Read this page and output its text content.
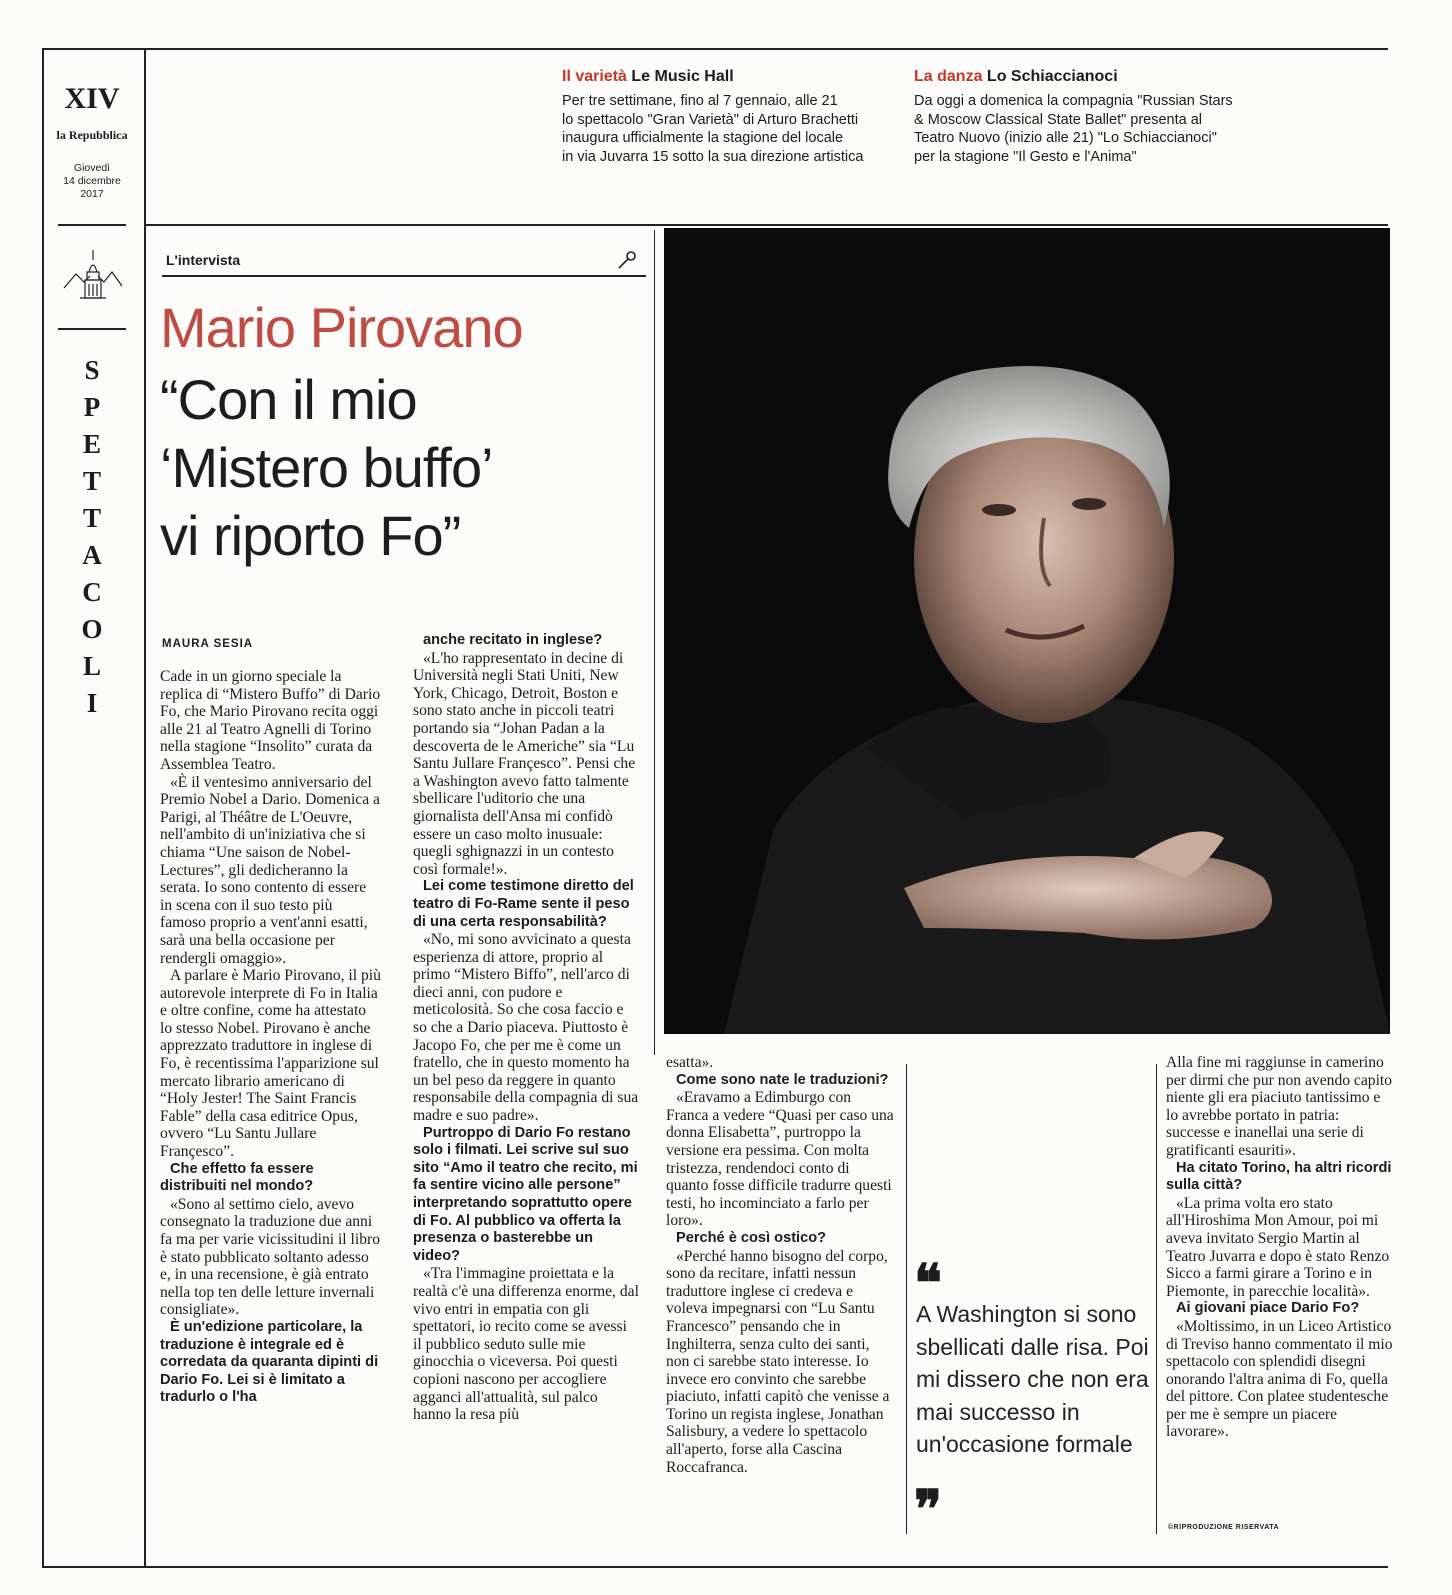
XIV
la Repubblica
Giovedì
14 dicembre
2017
S
P
E
T
T
A
C
O
L
I
Il varietà Le Music Hall
Per tre settimane, fino al 7 gennaio, alle 21
lo spettacolo "Gran Varietà" di Arturo Brachetti
inaugura ufficialmente la stagione del locale
in via Juvarra 15 sotto la sua direzione artistica
La danza Lo Schiaccianoci
Da oggi a domenica la compagnia "Russian Stars
& Moscow Classical State Ballet" presenta al
Teatro Nuovo (inizio alle 21) "Lo Schiaccianoci"
per la stagione "Il Gesto e l'Anima"
L'intervista
Mario Pirovano
“Con il mio
‘Mistero buffo’
vi riporto Fo”
MAURA SESIA

Cade in un giorno speciale la replica di “Mistero Buffo” di Dario Fo, che Mario Pirovano recita oggi alle 21 al Teatro Agnelli di Torino nella stagione “Insolito” curata da Assemblea Teatro.

«È il ventesimo anniversario del Premio Nobel a Dario. Domenica a Parigi, al Théâtre de L'Oeuvre, nell'ambito di un'iniziativa che si chiama “Une saison de Nobel-Lectures”, gli dedicheranno la serata. Io sono contento di essere in scena con il suo testo più famoso proprio a vent'anni esatti, sarà una bella occasione per rendergli omaggio».

A parlare è Mario Pirovano, il più autorevole interprete di Fo in Italia e oltre confine, come ha attestato lo stesso Nobel. Pirovano è anche apprezzato traduttore in inglese di Fo, è recentissima l'apparizione sul mercato librario americano di “Holy Jester! The Saint Francis Fable” della casa editrice Opus, ovvero “Lu Santu Jullare Françesco”.

Che effetto fa essere distribuiti nel mondo?

«Sono al settimo cielo, avevo consegnato la traduzione due anni fa ma per varie vicissitudini il libro è stato pubblicato soltanto adesso e, in una recensione, è già entrato nella top ten delle letture invernali consigliate».

È un'edizione particolare, la traduzione è integrale ed è corredata da quaranta dipinti di Dario Fo. Lei si è limitato a tradurlo o l'ha

anche recitato in inglese?

«L'ho rappresentato in decine di Università negli Stati Uniti, New York, Chicago, Detroit, Boston e sono stato anche in piccoli teatri portando sia “Johan Padan a la descoverta de le Americhe” sia “Lu Santu Jullare Françesco”. Pensi che a Washington avevo fatto talmente sbellicare l'uditorio che una giornalista dell'Ansa mi confidò essere un caso molto inusuale: quegli sghignazzi in un contesto così formale!».

Lei come testimone diretto del teatro di Fo-Rame sente il peso di una certa responsabilità?

«No, mi sono avvicinato a questa esperienza di attore, proprio al primo “Mistero Biffo”, nell'arco di dieci anni, con pudore e meticolosità. So che cosa faccio e so che a Dario piaceva. Piuttosto è Jacopo Fo, che per me è come un fratello, che in questo momento ha un bel peso da reggere in quanto responsabile della compagnia di sua madre e suo padre».

Purtroppo di Dario Fo restano solo i filmati. Lei scrive sul suo sito “Amo il teatro che recito, mi fa sentire vicino alle persone” interpretando soprattutto opere di Fo. Al pubblico va offerta la presenza o basterebbe un video?

«Tra l'immagine proiettata e la realtà c'è una differenza enorme, dal vivo entri in empatia con gli spettatori, io recito come se avessi il pubblico seduto sulle mie ginocchia o viceversa. Poi questi copioni nascono per accogliere agganci all'attualità, sul palco hanno la resa più

esatta».

Come sono nate le traduzioni?

«Eravamo a Edimburgo con Franca a vedere “Quasi per caso una donna Elisabetta”, purtroppo la versione era pessima. Con molta tristezza, rendendoci conto di quanto fosse difficile tradurre questi testi, ho incominciato a farlo per loro».

Perché è così ostico?

«Perché hanno bisogno del corpo, sono da recitare, infatti nessun traduttore inglese ci credeva e voleva impegnarsi con “Lu Santu Francesco” pensando che in Inghilterra, senza culto dei santi, non ci sarebbe stato interesse. Io invece ero convinto che sarebbe piaciuto, infatti capitò che venisse a Torino un regista inglese, Jonathan Salisbury, a vedere lo spettacolo all'aperto, forse alla Cascina Roccafranca.

Alla fine mi raggiunse in camerino per dirmi che pur non avendo capito niente gli era piaciuto tantissimo e lo avrebbe portato in patria: successe e inanellai una serie di gratificanti esauriti».

Ha citato Torino, ha altri ricordi sulla città?

«La prima volta ero stato all'Hiroshima Mon Amour, poi mi aveva invitato Sergio Martin al Teatro Juvarra e dopo è stato Renzo Sicco a farmi girare a Torino e in Piemonte, in parecchie località».

Ai giovani piace Dario Fo?

«Moltissimo, in un Liceo Artistico di Treviso hanno commentato il mio spettacolo con splendidi disegni onorando l'altra anima di Fo, quella del pittore. Con platee studentesche per me è sempre un piacere lavorare».

❝
A Washington si sono sbellicati dalle risa. Poi mi dissero che non era mai successo in un'occasione formale
❞	©RIPRODUZIONE RISERVATA
